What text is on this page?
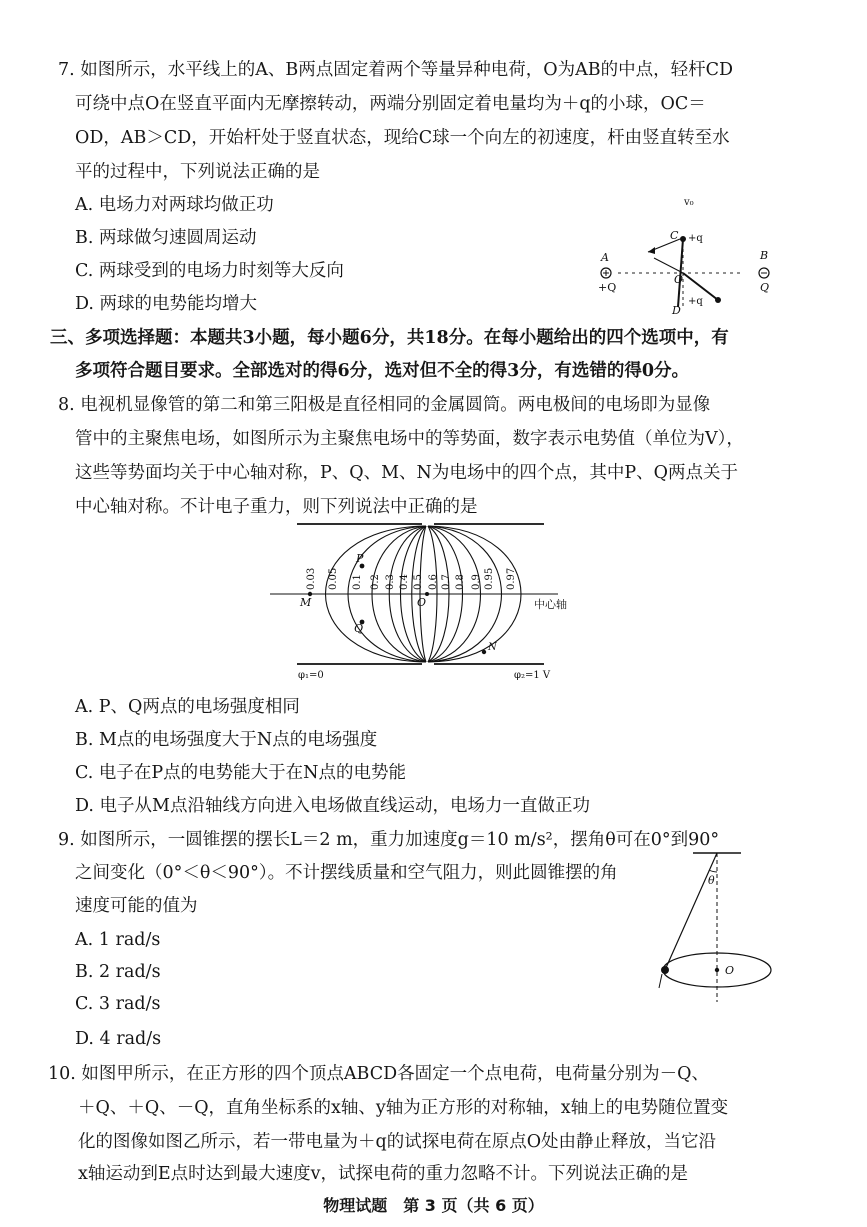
7. 如图所示，水平线上的A、B两点固定着两个等量异种电荷，O为AB的中点，轻杆CD
可绕中点O在竖直平面内无摩擦转动，两端分别固定着电量均为＋q的小球，OC＝
OD，AB＞CD，开始杆处于竖直状态，现给C球一个向左的初速度，杆由竖直转至水
平的过程中，下列说法正确的是
A. 电场力对两球均做正功
B. 两球做匀速圆周运动
C. 两球受到的电场力时刻等大反向
D. 两球的电势能均增大
v₀
C +q
A
+Q
O
B
Q
D
+q
三、多项选择题：本题共3小题，每小题6分，共18分。在每小题给出的四个选项中，有
多项符合题目要求。全部选对的得6分，选对但不全的得3分，有选错的得0分。
8. 电视机显像管的第二和第三阳极是直径相同的金属圆筒。两电极间的电场即为显像
管中的主聚焦电场，如图所示为主聚焦电场中的等势面，数字表示电势值（单位为V），
这些等势面均关于中心轴对称，P、Q、M、N为电场中的四个点，其中P、Q两点关于
中心轴对称。不计电子重力，则下列说法中正确的是
0.03 0.05 0.1 0.2 0.3 0.4 0.5 0.6 0.7 0.8 0.9 0.95 0.97
M
P
Q
O
N
中心轴
φ₁=0	φ₂=1 V
A. P、Q两点的电场强度相同
B. M点的电场强度大于N点的电场强度
C. 电子在P点的电势能大于在N点的电势能
D. 电子从M点沿轴线方向进入电场做直线运动，电场力一直做正功
9. 如图所示，一圆锥摆的摆长L＝2 m，重力加速度g＝10 m/s²，摆角θ可在0°到90°
之间变化（0°＜θ＜90°）。不计摆线质量和空气阻力，则此圆锥摆的角
速度可能的值为
A. 1 rad/s
B. 2 rad/s
C. 3 rad/s
D. 4 rad/s
θ
O
10. 如图甲所示，在正方形的四个顶点ABCD各固定一个点电荷，电荷量分别为－Q、
＋Q、＋Q、－Q，直角坐标系的x轴、y轴为正方形的对称轴，x轴上的电势随位置变
化的图像如图乙所示，若一带电量为＋q的试探电荷在原点O处由静止释放，当它沿
x轴运动到E点时达到最大速度v，试探电荷的重力忽略不计。下列说法正确的是
物理试题　第 3 页（共 6 页）
